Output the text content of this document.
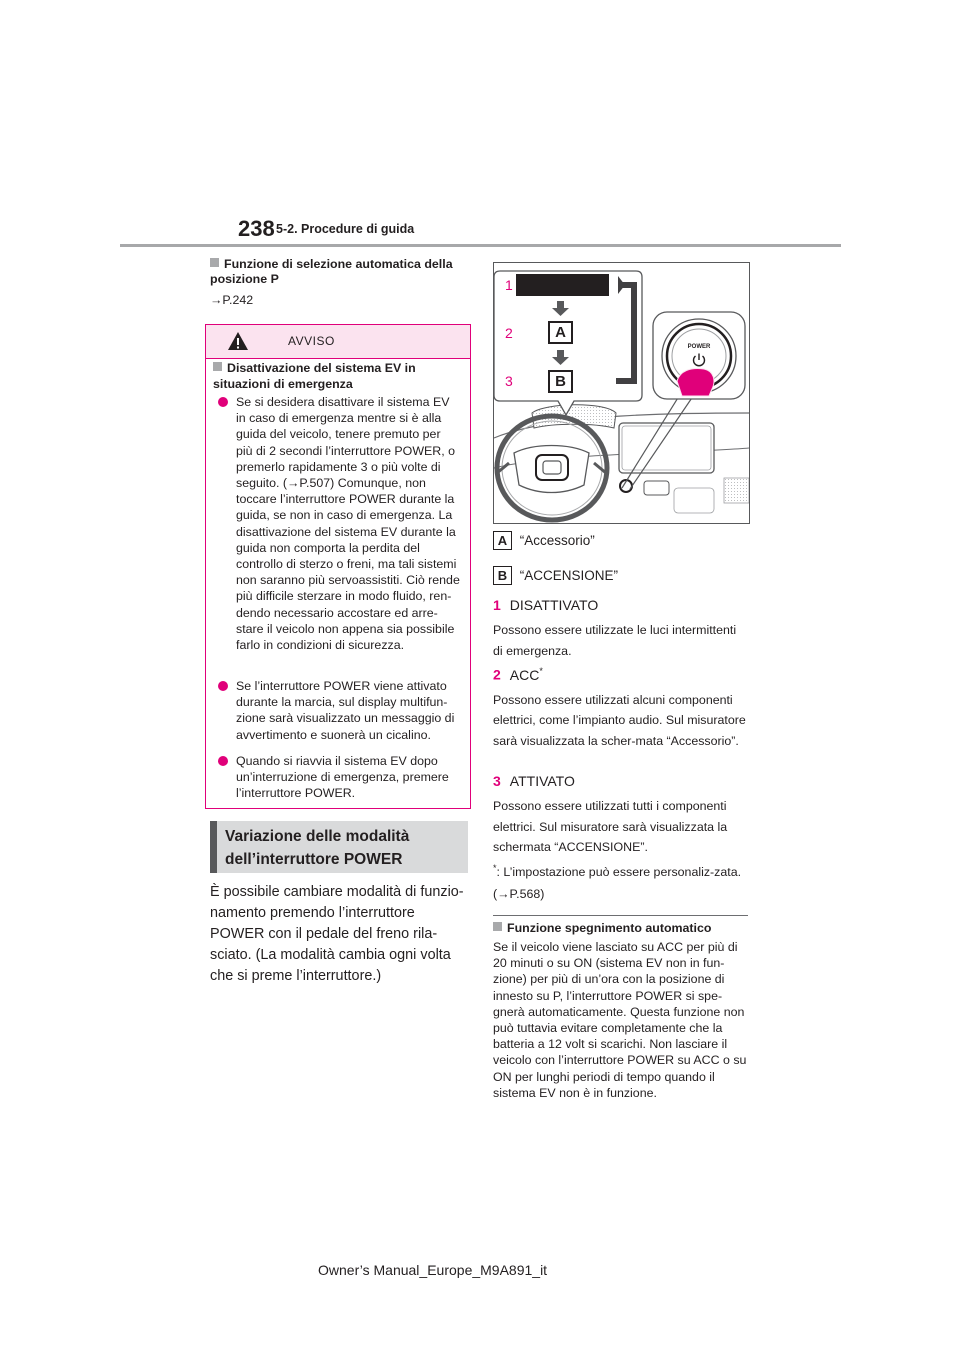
238 5-2. Procedure di guida
Funzione di selezione automatica della posizione P
→P.242
AVVISO
Disattivazione del sistema EV in situazioni di emergenza

Se si desidera disattivare il sistema EV in caso di emergenza mentre si è alla guida del veicolo, tenere premuto per più di 2 secondi l’interruttore POWER, o premerlo rapidamente 3 o più volte di seguito. (→P.507) Comunque, non toccare l’interruttore POWER durante la guida, se non in caso di emergenza. La disattivazione del sistema EV durante la guida non comporta la perdita del controllo di sterzo o freni, ma tali sistemi non saranno più servoassistiti. Ciò rende più difficile sterzare in modo fluido, ren-dendo necessario accostare ed arre-stare il veicolo non appena sia possibile farlo in condizioni di sicurezza.

Se l’interruttore POWER viene attivato durante la marcia, sul display multifun-zione sarà visualizzato un messaggio di avvertimento e suonerà un cicalino.

Quando si riavvia il sistema EV dopo un’interruzione di emergenza, premere l’interruttore POWER.

Variazione delle modalità dell’interruttore POWER
È possibile cambiare modalità di funzio-namento premendo l’interruttore POWER con il pedale del freno rila-sciato. (La modalità cambia ogni volta che si preme l’interruttore.)
1
2
3
A
B
POWER
A “Accessorio”
B “ACCENSIONE”
1 DISATTIVATO

Possono essere utilizzate le luci intermittenti di emergenza.

2 ACC*

Possono essere utilizzati alcuni componenti elettrici, come l’impianto audio. Sul misuratore sarà visualizzata la scher-mata “Accessorio”.

3 ATTIVATO

Possono essere utilizzati tutti i componenti elettrici. Sul misuratore sarà visualizzata la schermata “ACCENSIONE”.

*: L’impostazione può essere personaliz-zata. (→P.568)
Funzione spegnimento automatico
Se il veicolo viene lasciato su ACC per più di 20 minuti o su ON (sistema EV non in fun-zione) per più di un’ora con la posizione di innesto su P, l’interruttore POWER si spe-gnerà automaticamente. Questa funzione non può tuttavia evitare completamente che la batteria a 12 volt si scarichi. Non lasciare il veicolo con l’interruttore POWER su ACC o su ON per lunghi periodi di tempo quando il sistema EV non è in funzione.
Owner’s Manual_Europe_M9A891_it
